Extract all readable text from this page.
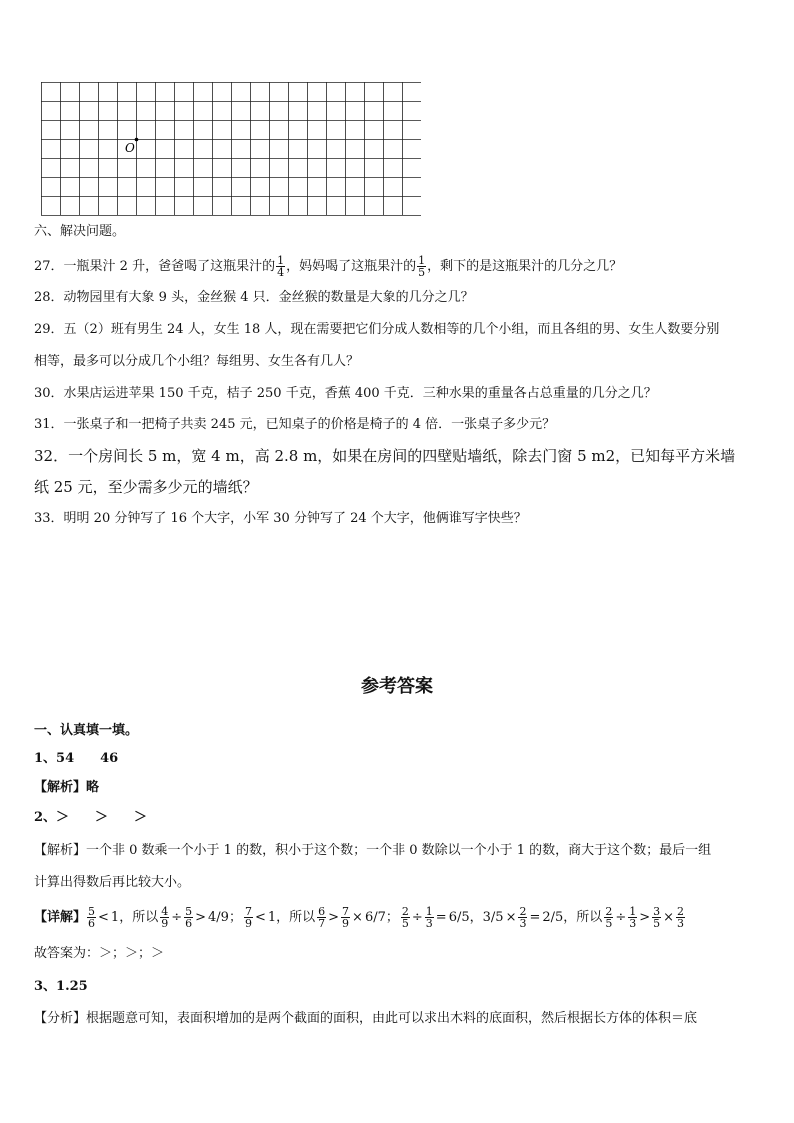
O
六、解决问题。
27．一瓶果汁 2 升，爸爸喝了这瓶果汁的 $\frac{1}{4}$ ，妈妈喝了这瓶果汁的 $\frac{1}{5}$ ，剩下的是这瓶果汁的几分之几？
28．动物园里有大象 9 头，金丝猴 4 只．金丝猴的数量是大象的几分之几？
29．五（2）班有男生 24 人，女生 18 人，现在需要把它们分成人数相等的几个小组，而且各组的男、女生人数要分别
相等，最多可以分成几个小组？每组男、女生各有几人？
30．水果店运进苹果 150 千克，桔子 250 千克，香蕉 400 千克．三种水果的重量各占总重量的几分之几？
31．一张桌子和一把椅子共卖 245 元，已知桌子的价格是椅子的 4 倍．一张桌子多少元？
32．一个房间长 5 m，宽 4 m，高 2.8 m，如果在房间的四壁贴墙纸，除去门窗 5 m2，已知每平方米墙
纸 25 元，至少需多少元的墙纸？
33．明明 20 分钟写了 16 个大字，小军 30 分钟写了 24 个大字，他俩谁写字快些？
参考答案
一、认真填一填。
1、54　　46
【解析】略
2、＞　　＞　　＞
【解析】一个非 0 数乘一个小于 1 的数，积小于这个数；一个非 0 数除以一个小于 1 的数，商大于这个数；最后一组
计算出得数后再比较大小。
【详解】 $\frac{5}{6} < 1$，所以 $\frac{4}{9} \div \frac{5}{6} > 4/9$； $\frac{7}{9} < 1$，所以 $\frac{6}{7} > \frac{7}{9} \times 6/7$； $\frac{2}{5} \div \frac{1}{3} = 6/5$，$3/5 \times \frac{2}{3} = 2/5$，所以 $\frac{2}{5} \div \frac{1}{3} > \frac{3}{5} \times \frac{2}{3}$
故答案为：＞；＞；＞
3、1.25
【分析】根据题意可知，表面积增加的是两个截面的面积，由此可以求出木料的底面积，然后根据长方体的体积＝底
